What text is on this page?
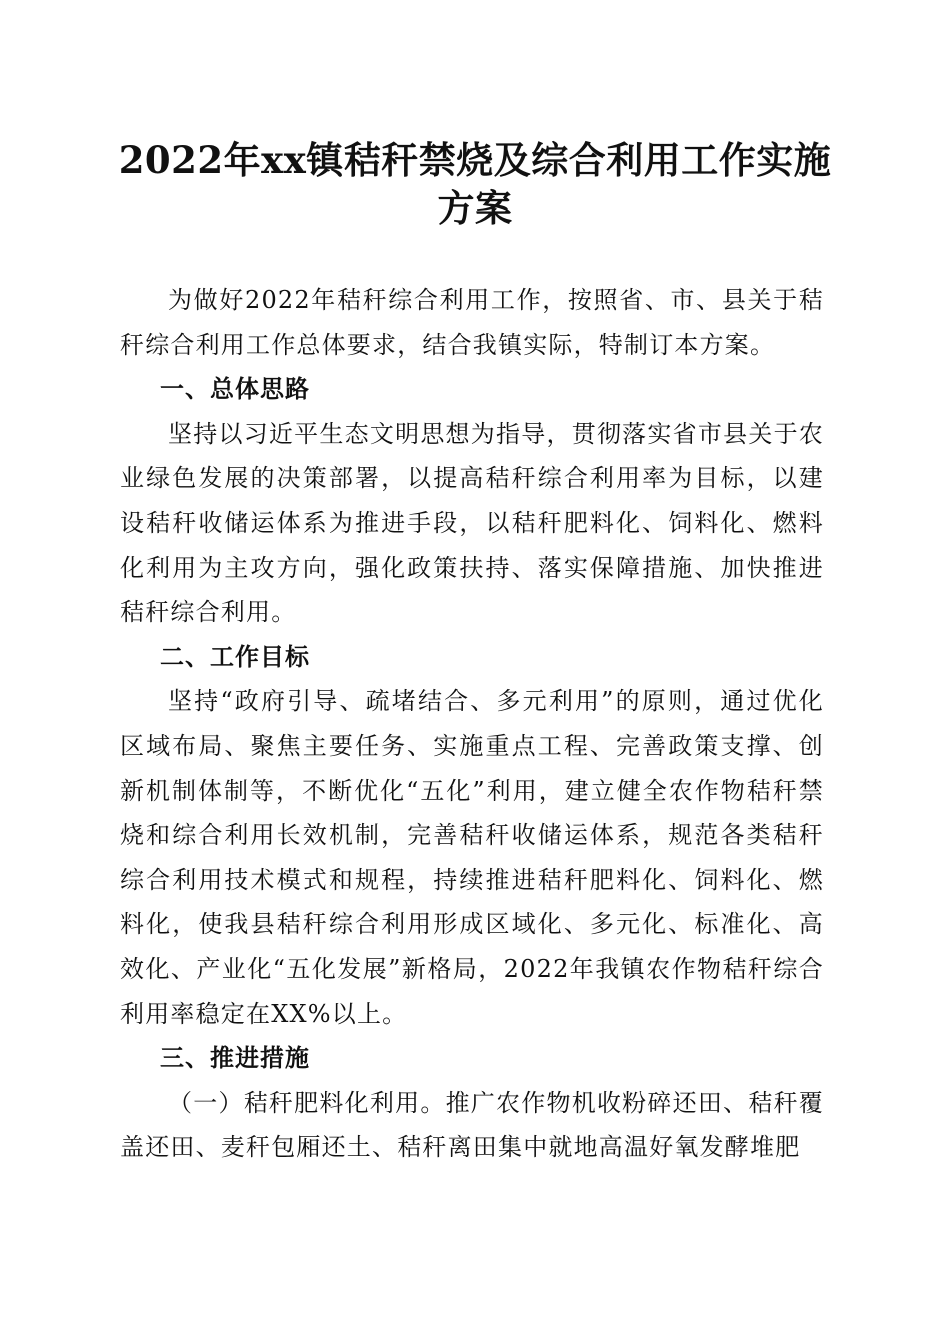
2022年xx镇秸秆禁烧及综合利用工作实施方案

为做好2022年秸秆综合利用工作，按照省、市、县关于秸秆综合利用工作总体要求，结合我镇实际，特制订本方案。

一、总体思路

坚持以习近平生态文明思想为指导，贯彻落实省市县关于农业绿色发展的决策部署，以提高秸秆综合利用率为目标，以建设秸秆收储运体系为推进手段，以秸秆肥料化、饲料化、燃料化利用为主攻方向，强化政策扶持、落实保障措施、加快推进秸秆综合利用。

二、工作目标

坚持“政府引导、疏堵结合、多元利用”的原则，通过优化区域布局、聚焦主要任务、实施重点工程、完善政策支撑、创新机制体制等，不断优化“五化”利用，建立健全农作物秸秆禁烧和综合利用长效机制，完善秸秆收储运体系，规范各类秸秆综合利用技术模式和规程，持续推进秸秆肥料化、饲料化、燃料化，使我县秸秆综合利用形成区域化、多元化、标准化、高效化、产业化“五化发展”新格局，2022年我镇农作物秸秆综合利用率稳定在XX%以上。

三、推进措施

（一）秸秆肥料化利用。推广农作物机收粉碎还田、秸秆覆盖还田、麦秆包厢还土、秸秆离田集中就地高温好氧发酵堆肥
